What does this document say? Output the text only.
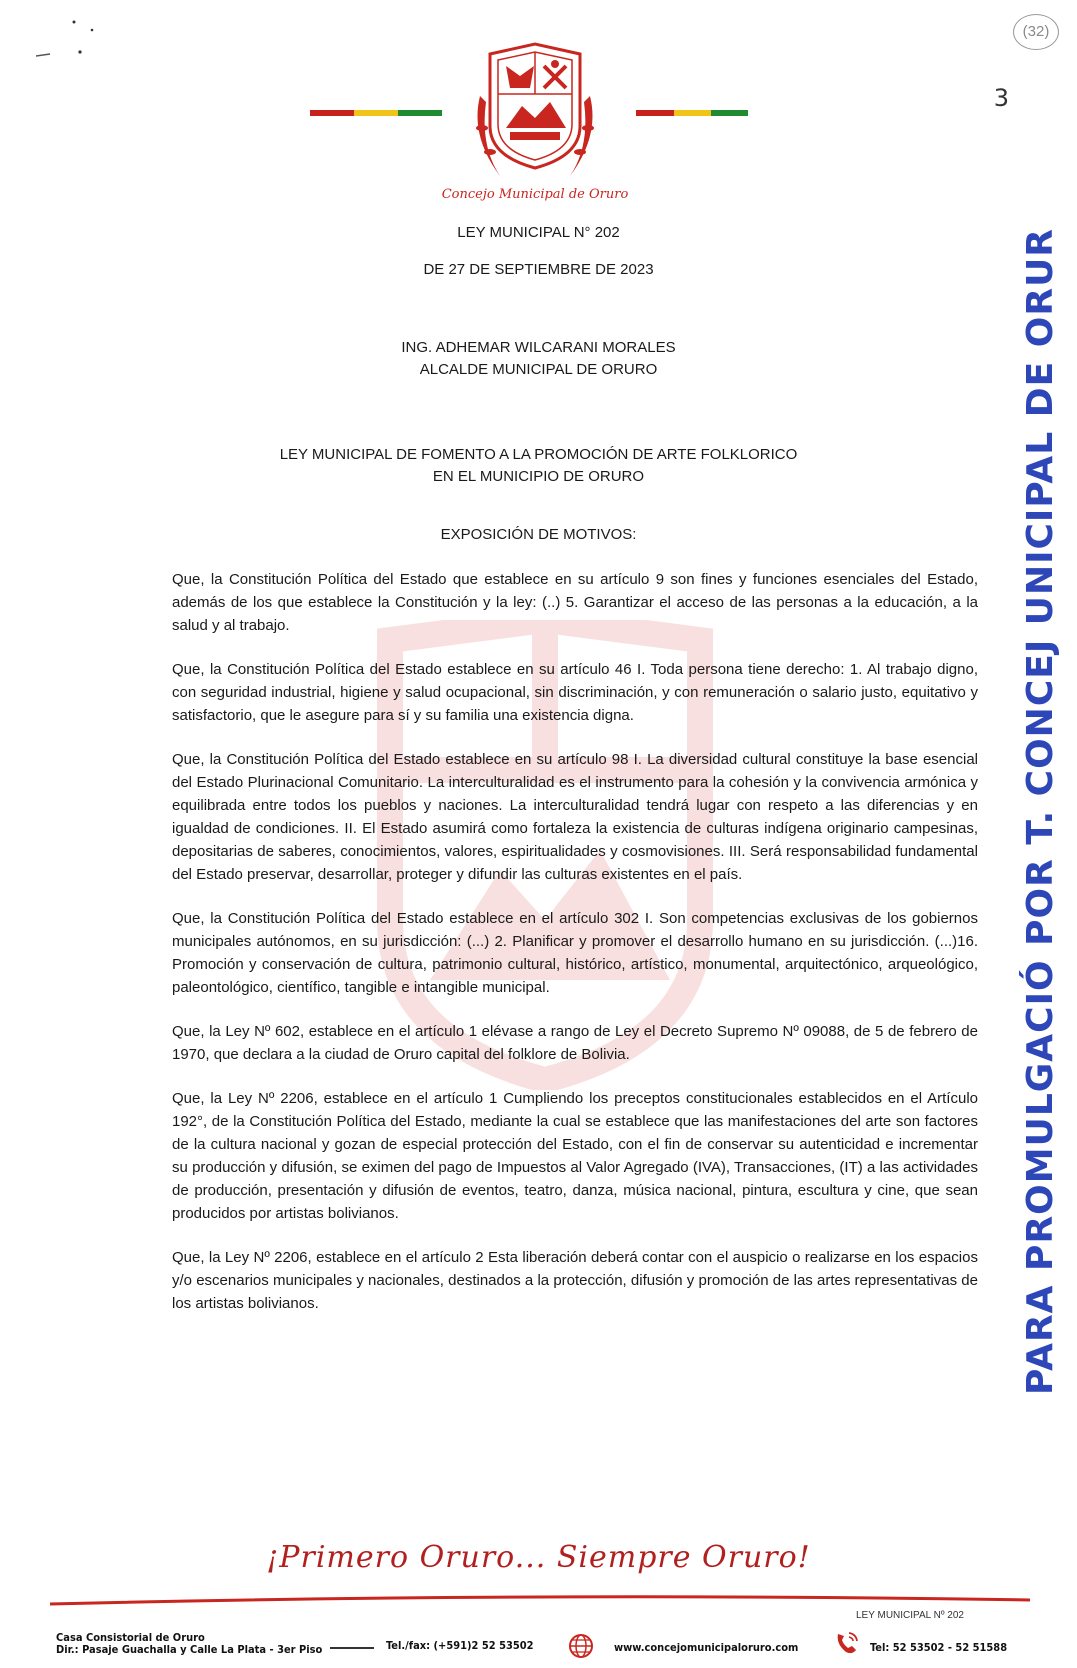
(32)
3
Concejo Municipal de Oruro
LEY MUNICIPAL N° 202
DE 27 DE SEPTIEMBRE DE 2023
ING. ADHEMAR WILCARANI MORALES
ALCALDE MUNICIPAL DE ORURO
LEY MUNICIPAL DE FOMENTO A LA PROMOCIÓN DE ARTE FOLKLORICO
EN EL MUNICIPIO DE ORURO
EXPOSICIÓN DE MOTIVOS:

Que, la Constitución Política del Estado que establece en su artículo 9 son fines y funciones esenciales del Estado, además de los que establece la Constitución y la ley: (..) 5. Garantizar el acceso de las personas a la educación, a la salud y al trabajo.

Que, la Constitución Política del Estado establece en su artículo 46 I. Toda persona tiene derecho: 1. Al trabajo digno, con seguridad industrial, higiene y salud ocupacional, sin discriminación, y con remuneración o salario justo, equitativo y satisfactorio, que le asegure para sí y su familia una existencia digna.

Que, la Constitución Política del Estado establece en su artículo 98 I. La diversidad cultural constituye la base esencial del Estado Plurinacional Comunitario. La interculturalidad es el instrumento para la cohesión y la convivencia armónica y equilibrada entre todos los pueblos y naciones. La interculturalidad tendrá lugar con respeto a las diferencias y en igualdad de condiciones. II. El Estado asumirá como fortaleza la existencia de culturas indígena originario campesinas, depositarias de saberes, conocimientos, valores, espiritualidades y cosmovisiones. III. Será responsabilidad fundamental del Estado preservar, desarrollar, proteger y difundir las culturas existentes en el país.

Que, la Constitución Política del Estado establece en el artículo 302 I. Son competencias exclusivas de los gobiernos municipales autónomos, en su jurisdicción: (...) 2. Planificar y promover el desarrollo humano en su jurisdicción. (...)16. Promoción y conservación de cultura, patrimonio cultural, histórico, artístico, monumental, arquitectónico, arqueológico, paleontológico, científico, tangible e intangible municipal.

Que, la Ley Nº 602, establece en el artículo 1 elévase a rango de Ley el Decreto Supremo Nº 09088, de 5 de febrero de 1970, que declara a la ciudad de Oruro capital del folklore de Bolivia.

Que, la Ley Nº 2206, establece en el artículo 1 Cumpliendo los preceptos constitucionales establecidos en el Artículo 192°, de la Constitución Política del Estado, mediante la cual se establece que las manifestaciones del arte son factores de la cultura nacional y gozan de especial protección del Estado, con el fin de conservar su autenticidad e incrementar su producción y difusión, se eximen del pago de Impuestos al Valor Agregado (IVA), Transacciones, (IT) a las actividades de producción, presentación y difusión de eventos, teatro, danza, música nacional, pintura, escultura y cine, que sean producidos por artistas bolivianos.

Que, la Ley Nº 2206, establece en el artículo 2 Esta liberación deberá contar con el auspicio o realizarse en los espacios y/o escenarios municipales y nacionales, destinados a la protección, difusión y promoción de las artes representativas de los artistas bolivianos.	PARA PROMULGACIÓ POR T. CONCEJ UNICIPAL DE ORUR
¡Primero Oruro... Siempre Oruro!
LEY MUNICIPAL Nº 202
Casa Consistorial de Oruro
Dir.: Pasaje Guachalla y Calle La Plata - 3er Piso	Tel./fax: (+591)2 52 53502	www.concejomunicipaloruro.com	Tel: 52 53502 - 52 51588
